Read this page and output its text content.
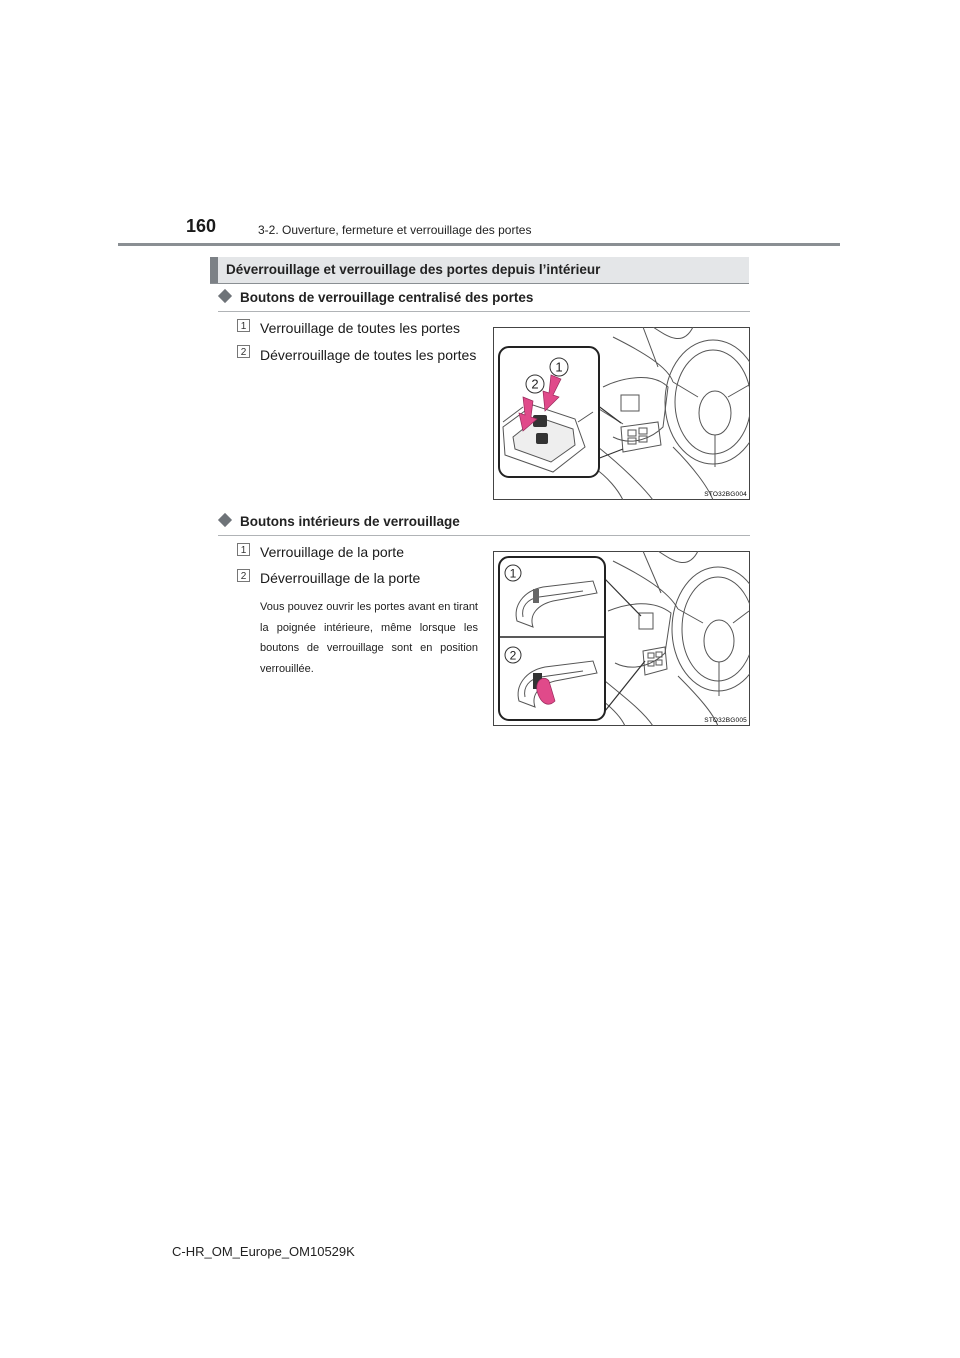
160	3-2. Ouverture, fermeture et verrouillage des portes
Déverrouillage et verrouillage des portes depuis l’intérieur
Boutons de verrouillage centralisé des portes
1 Verrouillage de toutes les portes
2 Déverrouillage de toutes les portes
1
2
STO32BG004
Boutons intérieurs de verrouillage
1 Verrouillage de la porte
2 Déverrouillage de la porte
Vous pouvez ouvrir les portes avant en tirant la poignée intérieure, même lorsque les boutons de verrouillage sont en position verrouillée.
1
2
STO32BG005
C-HR_OM_Europe_OM10529K
